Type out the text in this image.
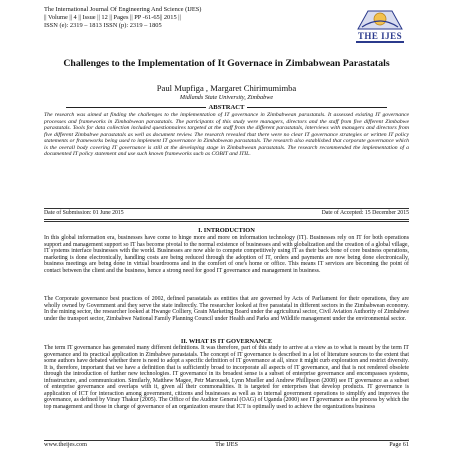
The International Journal Of Engineering And Science (IJES)
|| Volume || 4 || Issue || 12 || Pages || PP -61-65|| 2015 ||
ISSN (e): 2319 – 1813 ISSN (p): 2319 – 1805
THE IJES
Challenges to the Implementation of It Governace in Zimbabwean Parastatals
Paul Mupfiga , Margaret Chirimumimba
Midlands State University, Zimbabwe
ABSTRACT
The research was aimed at finding the challenges to the implementation of IT governance in Zimbabwean parastatals. It assessed existing IT governance processes and frameworks in Zimbabwean parastatals. The participants of this study were managers, directors and the staff from five different Zimbabwe parastatals. Tools for data collection included questionnaires targeted at the staff from the different parastatals, interviews with managers and directors from five different Zimbabwe parastatals as well as document review. The research revealed that there were no clear IT governance strategies or written IT policy statements or frameworks being used to implement IT governance in Zimbabwean parastatals. The research also established that corporate governance which is the overall body covering IT governance is still at the developing stage in Zimbabwean parastatals. The research recommended the implementation of a documented IT policy statement and use such known frameworks such as COBIT and ITIL.
Date of Submission: 01 June 2015	Date of Accepted: 15 December 2015
I. INTRODUCTION
In this global information era, businesses have come to hinge more and more on information technology (IT). Businesses rely on IT for both operations support and management support so IT has become pivotal to the normal existence of businesses and with globalization and the creation of a global village, IT systems interface businesses with the world. Businesses are now able to compete competitively using IT as their back bone of core business operations, marketing is done electronically, handling costs are being reduced through the adoption of IT, orders and payments are now being done electronically, business meetings are being done in virtual boardrooms and in the comfort of one's home or office. This means IT services are becoming the point of contact between the client and the business, hence a strong need for good IT governance and management in business.
The Corporate governance best practices of 2002, defined parastatals as entities that are governed by Acts of Parliament for their operations, they are wholly owned by Government and they serve the state indirectly. The researcher looked at five parastatal in different sectors in the Zimbabwean economy. In the mining sector, the researcher looked at Hwange Colliery, Grain Marketing Board under the agricultural sector, Civil Aviation Authority of Zimbabwe under the transport sector, Zimbabwe National Family Planning Council under Health and Parks and Wildlife management under the environmental sector.
II. WHAT IS IT GOVERNANCE
The term IT governance has generated many different definitions. It was therefore, part of this study to arrive at a view as to what is meant by the term IT governance and its practical application in Zimbabwe parastatals. The concept of IT governance is described in a lot of literature sources to the extent that some authors have debated whether there is need to adopt a specific definition of IT governance at all, since it might curb exploration and restrict diversity. It is, therefore, important that we have a definition that is sufficiently broad to incorporate all aspects of IT governance, and that is not rendered obsolete through the introduction of further new technologies. IT governance in its broadest sense is a subset of enterprise governance and encompasses systems, infrastructure, and communication. Similarly, Matthew Magee, Petr Marousek, Lynn Mueller and Andrew Phillipson (2008) see IT governance as a subset of enterprise governance and overlaps with it, given all their commonalities. It is targeted for enterprises that develop products. IT governance is application of ICT for interaction among government, citizens and businesses as well as in internal government operations to simplify and improves the governance, as defined by Vinay Thakur (2005). The Office of the Auditor General (OAG) of Uganda (2000) see IT governance as the process by which the top management and those in charge of governance of an organization ensure that ICT is optimally used to achieve the organizations business
www.theijes.com	The IJES	Page 61
